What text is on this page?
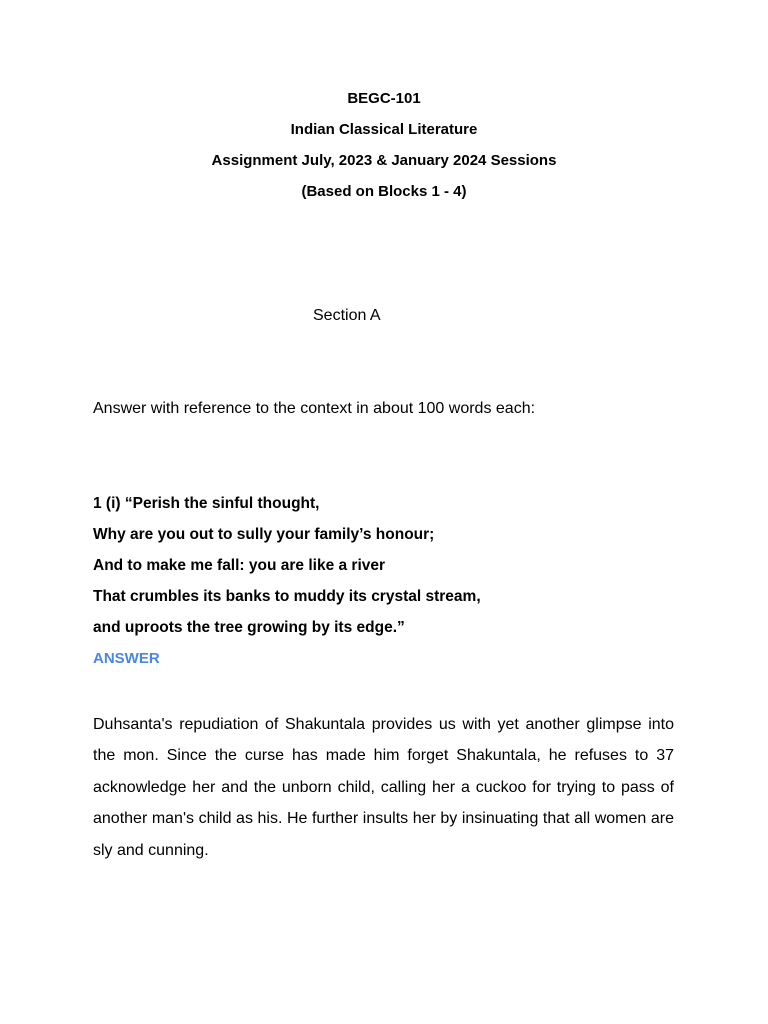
BEGC-101
Indian Classical Literature
Assignment July, 2023 & January 2024 Sessions
(Based on Blocks 1 - 4)
Section A
Answer with reference to the context in about 100 words each:
1 (i) “Perish the sinful thought,
Why are you out to sully your family’s honour;
And to make me fall: you are like a river
That crumbles its banks to muddy its crystal stream,
and uproots the tree growing by its edge.”
ANSWER
Duhsanta's repudiation of Shakuntala provides us with yet another glimpse into the mon. Since the curse has made him forget Shakuntala, he refuses to 37 acknowledge her and the unborn child, calling her a cuckoo for trying to pass of another man's child as his. He further insults her by insinuating that all women are sly and cunning.
